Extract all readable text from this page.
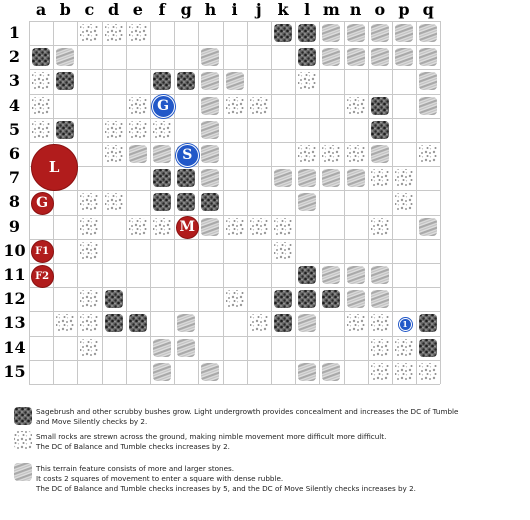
a b c d e f g h i	j k l m n o p q
1
2
3
4
5
6
7
8
9
10
11
12
13
14
15
L
G
F1
F2
M
G
S
1
Sagebrush and other scrubby bushes grow. Light undergrowth provides concealment and increases the DC of Tumble
and Move Silently checks by 2.
Small rocks are strewn across the ground, making nimble movement more difficult more difficult.
The DC of Balance and Tumble checks increases by 2.
This terrain feature consists of more and larger stones.
It costs 2 squares of movement to enter a square with dense rubble.
The DC of Balance and Tumble checks increases by 5, and the DC of Move Silently checks increases by 2.
